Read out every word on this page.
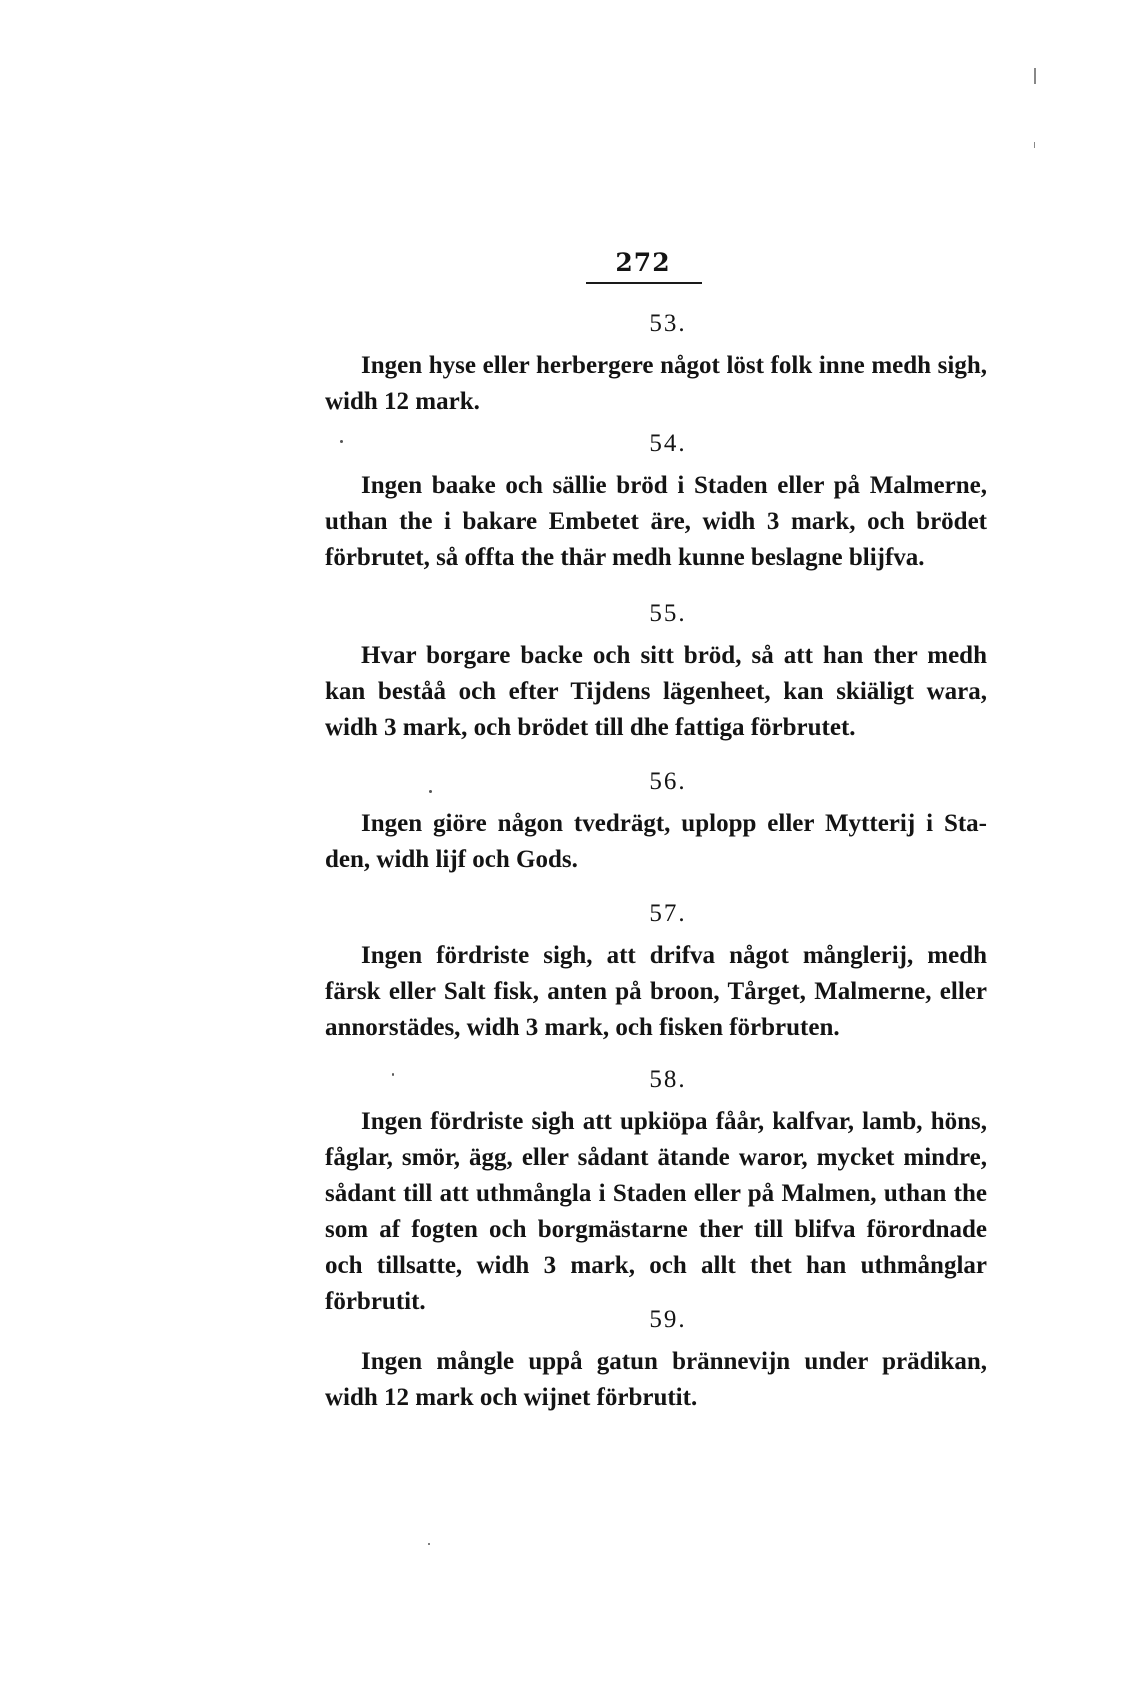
272
53.
Ingen hyse eller herbergere något löst folk inne medh sigh, widh 12 mark.
54.
Ingen baake och sällie bröd i Staden eller på Malmerne, uthan the i bakare Embetet äre, widh 3 mark, och brödet förbrutet, så offta the thär medh kunne beslagne blijfva.
55.
Hvar borgare backe och sitt bröd, så att han ther medh kan beståå och efter Tijdens lägenheet, kan skiäligt wara, widh 3 mark, och brödet till dhe fattiga förbrutet.
56.
Ingen giöre någon tvedrägt, uplopp eller Mytterij i Sta-den, widh lijf och Gods.
57.
Ingen fördriste sigh, att drifva något månglerij, medh färsk eller Salt fisk, anten på broon, Tårget, Malmerne, eller annorstädes, widh 3 mark, och fisken förbruten.
58.
Ingen fördriste sigh att upkiöpa fåår, kalfvar, lamb, höns, fåglar, smör, ägg, eller sådant ätande waror, mycket mindre, sådant till att uthmångla i Staden eller på Malmen, uthan the som af fogten och borgmästarne ther till blifva förordnade och tillsatte, widh 3 mark, och allt thet han uthmånglar förbrutit.
59.
Ingen mångle uppå gatun brännevijn under prädikan, widh 12 mark och wijnet förbrutit.
